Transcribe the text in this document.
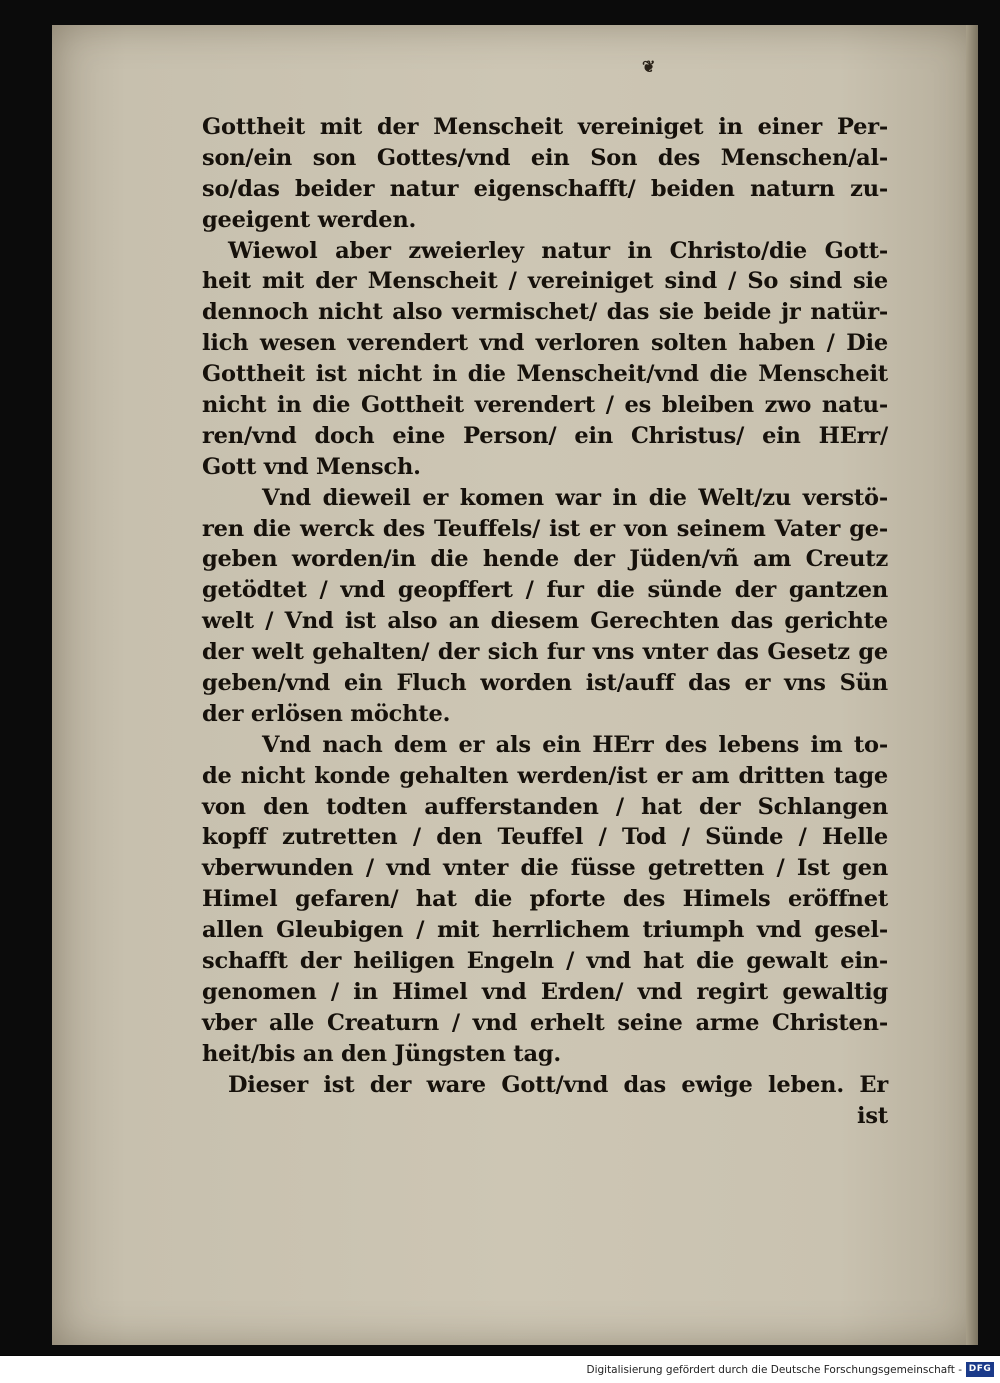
❦
Gottheit mit der Menscheit vereiniget in einer Per-
son/ein son Gottes/vnd ein Son des Menschen/al-
so/das beider natur eigenschafft/ beiden naturn zu-
geeigent werden.
Wiewol aber zweierley natur in Christo/die Gott-
heit mit der Menscheit / vereiniget sind / So sind sie
dennoch nicht also vermischet/ das sie beide jr natür-
lich wesen verendert vnd verloren solten haben / Die
Gottheit ist nicht in die Menscheit/vnd die Menscheit
nicht in die Gottheit verendert / es bleiben zwo natu-
ren/vnd doch eine Person/ ein Christus/ ein HErr/
Gott vnd Mensch.
Vnd dieweil er komen war in die Welt/zu verstö-
ren die werck des Teuffels/ ist er von seinem Vater ge-
geben worden/in die hende der Jüden/vñ am Creutz
getödtet / vnd geopffert / fur die sünde der gantzen
welt / Vnd ist also an diesem Gerechten das gerichte
der welt gehalten/ der sich fur vns vnter das Gesetz ge
geben/vnd ein Fluch worden ist/auff das er vns Sün
der erlösen möchte.
Vnd nach dem er als ein HErr des lebens im to-
de nicht konde gehalten werden/ist er am dritten tage
von den todten aufferstanden / hat der Schlangen
kopff zutretten / den Teuffel / Tod / Sünde / Helle
vberwunden / vnd vnter die füsse getretten / Ist gen
Himel gefaren/ hat die pforte des Himels eröffnet
allen Gleubigen / mit herrlichem triumph vnd gesel-
schafft der heiligen Engeln / vnd hat die gewalt ein-
genomen / in Himel vnd Erden/ vnd regirt gewaltig
vber alle Creaturn / vnd erhelt seine arme Christen-
heit/bis an den Jüngsten tag.
Dieser ist der ware Gott/vnd das ewige leben. Er
ist
Digitalisierung gefördert durch die Deutsche Forschungsgemeinschaft - DFG
